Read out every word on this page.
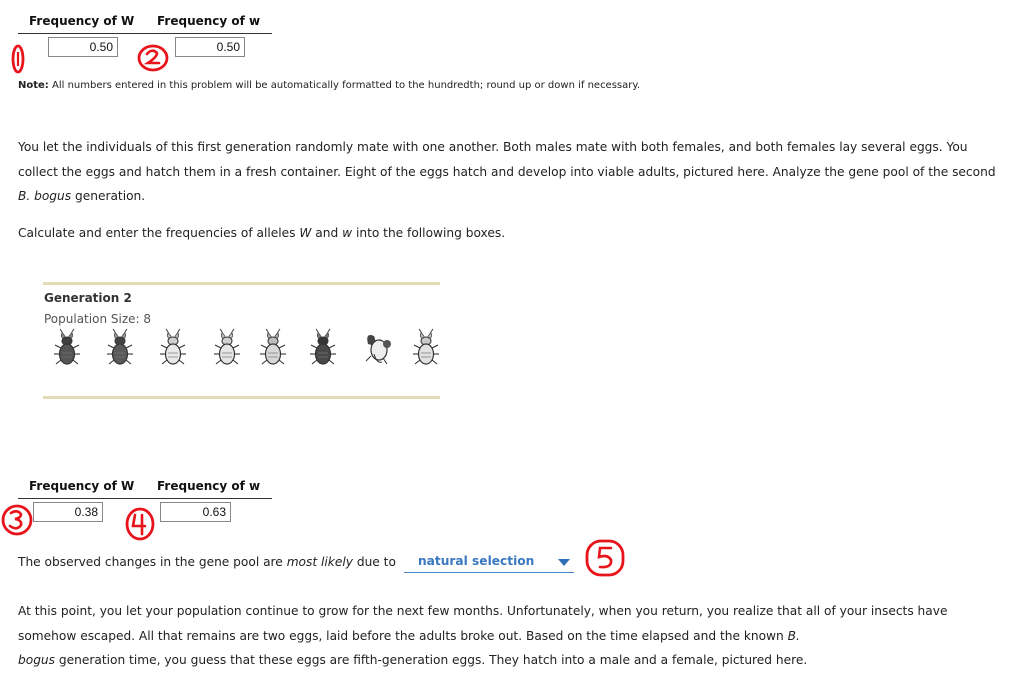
Frequency of W Frequency of w
0.50	0.50
Note: All numbers entered in this problem will be automatically formatted to the hundredth; round up or down if necessary.
You let the individuals of this first generation randomly mate with one another. Both males mate with both females, and both females lay several eggs. You collect the eggs and hatch them in a fresh container. Eight of the eggs hatch and develop into viable adults, pictured here. Analyze the gene pool of the second B. bogus generation.
Calculate and enter the frequencies of alleles W and w into the following boxes.
Generation 2
Population Size: 8
Frequency of W Frequency of w
0.38	0.63
The observed changes in the gene pool are most likely due to	natural selection
At this point, you let your population continue to grow for the next few months. Unfortunately, when you return, you realize that all of your insects have somehow escaped. All that remains are two eggs, laid before the adults broke out. Based on the time elapsed and the known B.
bogus generation time, you guess that these eggs are fifth-generation eggs. They hatch into a male and a female, pictured here.
